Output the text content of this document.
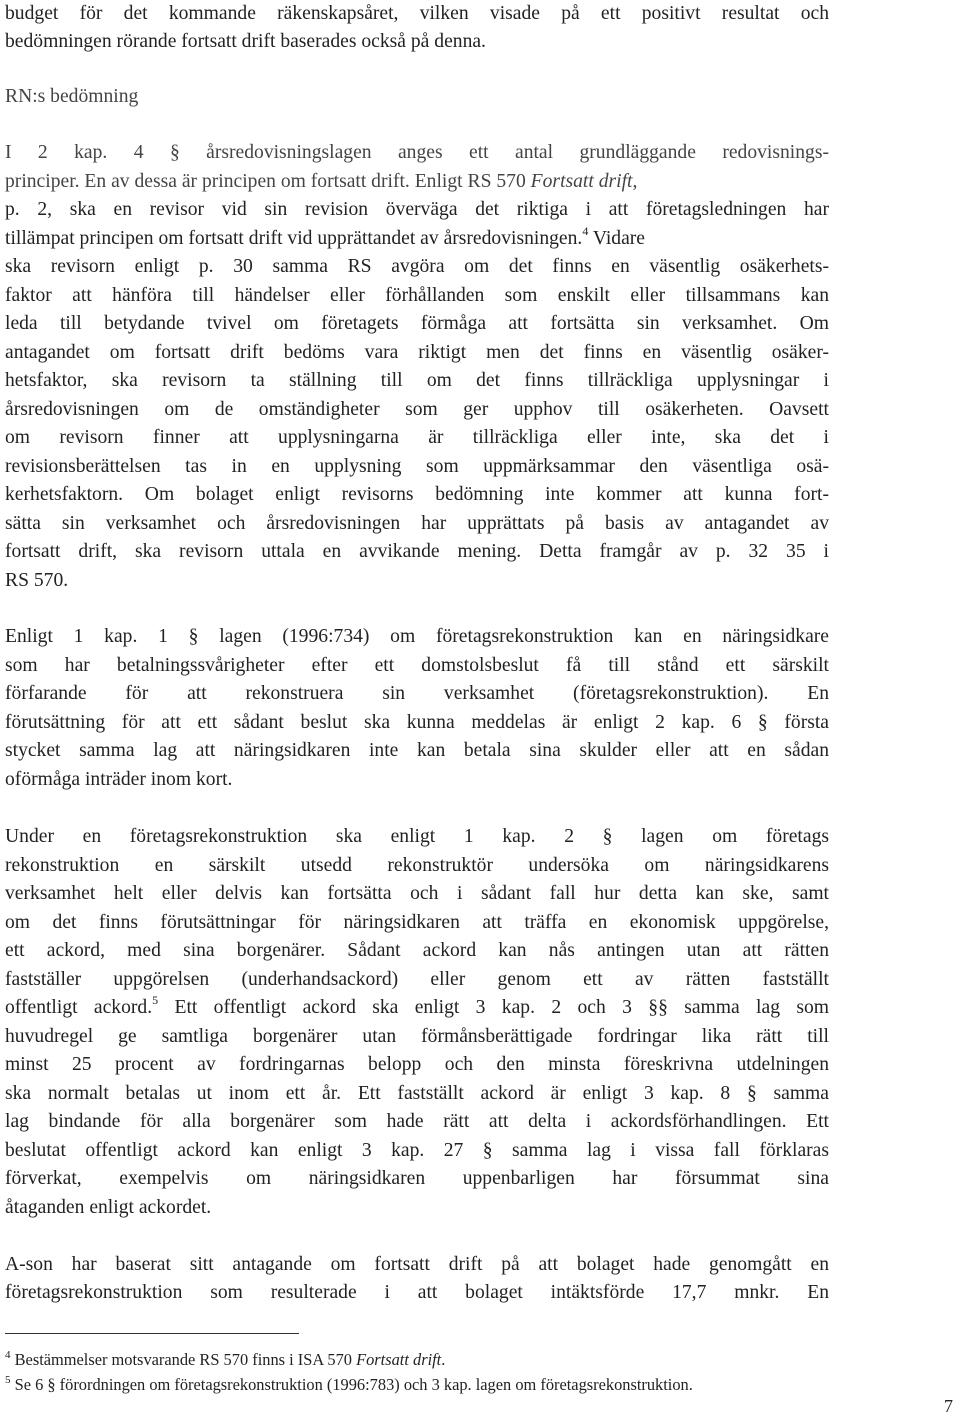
budget för det kommande räkenskapsåret, vilken visade på ett positivt resultat och
bedömningen rörande fortsatt drift baserades också på denna.
RN:s bedömning
I 2 kap. 4 § årsredovisningslagen anges ett antal grundläggande redovisnings-
principer. En av dessa är principen om fortsatt drift. Enligt RS 570 Fortsatt drift,
p. 2, ska en revisor vid sin revision överväga det riktiga i att företagsledningen har
tillämpat principen om fortsatt drift vid upprättandet av årsredovisningen.$^4$ Vidare
ska revisorn enligt p. 30 samma RS avgöra om det finns en väsentlig osäkerhets-
faktor att hänföra till händelser eller förhållanden som enskilt eller tillsammans kan
leda till betydande tvivel om företagets förmåga att fortsätta sin verksamhet. Om
antagandet om fortsatt drift bedöms vara riktigt men det finns en väsentlig osäker-
hetsfaktor, ska revisorn ta ställning till om det finns tillräckliga upplysningar i
årsredovisningen om de omständigheter som ger upphov till osäkerheten. Oavsett
om revisorn finner att upplysningarna är tillräckliga eller inte, ska det i
revisionsberättelsen tas in en upplysning som uppmärksammar den väsentliga osä-
kerhetsfaktorn. Om bolaget enligt revisorns bedömning inte kommer att kunna fort-
sätta sin verksamhet och årsredovisningen har upprättats på basis av antagandet av
fortsatt drift, ska revisorn uttala en avvikande mening. Detta framgår av p. 32 35 i
RS 570.
Enligt 1 kap. 1 § lagen (1996:734) om företagsrekonstruktion kan en näringsidkare
som har betalningssvårigheter efter ett domstolsbeslut få till stånd ett särskilt
förfarande för att rekonstruera sin verksamhet (företagsrekonstruktion). En
förutsättning för att ett sådant beslut ska kunna meddelas är enligt 2 kap. 6 § första
stycket samma lag att näringsidkaren inte kan betala sina skulder eller att en sådan
oförmåga inträder inom kort.
Under en företagsrekonstruktion ska enligt 1 kap. 2 § lagen om företags
rekonstruktion en särskilt utsedd rekonstruktör undersöka om näringsidkarens
verksamhet helt eller delvis kan fortsätta och i sådant fall hur detta kan ske, samt
om det finns förutsättningar för näringsidkaren att träffa en ekonomisk uppgörelse,
ett ackord, med sina borgenärer. Sådant ackord kan nås antingen utan att rätten
fastställer uppgörelsen (underhandsackord) eller genom ett av rätten fastställt
offentligt ackord.$^5$ Ett offentligt ackord ska enligt 3 kap. 2 och 3 §§ samma lag som
huvudregel ge samtliga borgenärer utan förmånsberättigade fordringar lika rätt till
minst 25 procent av fordringarnas belopp och den minsta föreskrivna utdelningen
ska normalt betalas ut inom ett år. Ett fastställt ackord är enligt 3 kap. 8 § samma
lag bindande för alla borgenärer som hade rätt att delta i ackordsförhandlingen. Ett
beslutat offentligt ackord kan enligt 3 kap. 27 § samma lag i vissa fall förklaras
förverkat, exempelvis om näringsidkaren uppenbarligen har försummat sina
åtaganden enligt ackordet.
A-son har baserat sitt antagande om fortsatt drift på att bolaget hade genomgått en
företagsrekonstruktion som resulterade i att bolaget intäktsförde 17,7 mnkr. En
$^4$ Bestämmelser motsvarande RS 570 finns i ISA 570 Fortsatt drift.
$^5$ Se 6 § förordningen om företagsrekonstruktion (1996:783) och 3 kap. lagen om företagsrekonstruktion.
7
